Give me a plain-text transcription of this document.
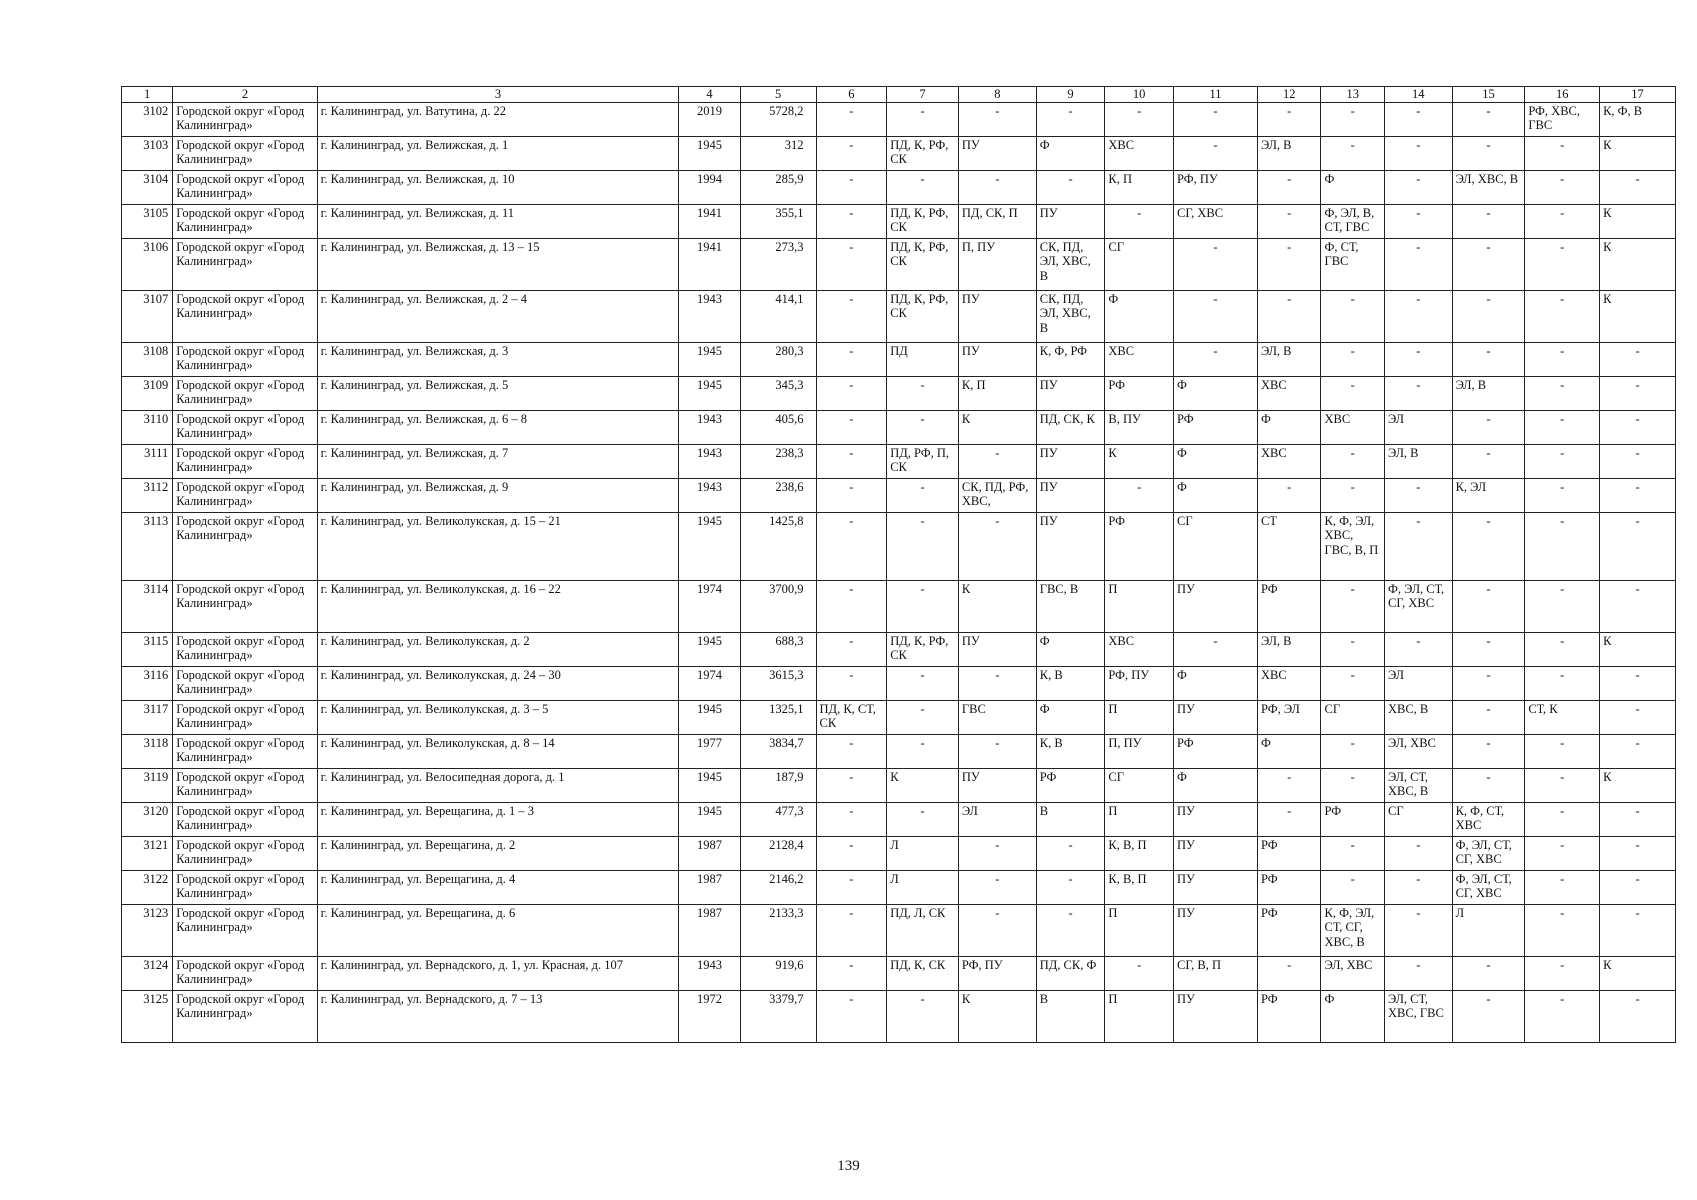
1	2	3	4	5	6	7	8	9	10	11	12	13	14	15	16	17
3102	Городской округ «Город Калининград»	г. Калининград, ул. Ватутина, д. 22	2019	5728,2	-	-	-	-	-	-	-	-	-	-	РФ, ХВС, ГВС	К, Ф, В
3103	Городской округ «Город Калининград»	г. Калининград, ул. Велижская, д. 1	1945	312	-	ПД, К, РФ, СК	ПУ	Ф	ХВС	-	ЭЛ, В	-	-	-	-	К
3104	Городской округ «Город Калининград»	г. Калининград, ул. Велижская, д. 10	1994	285,9	-	-	-	-	К, П	РФ, ПУ	-	Ф	-	ЭЛ, ХВС, В	-	-
3105	Городской округ «Город Калининград»	г. Калининград, ул. Велижская, д. 11	1941	355,1	-	ПД, К, РФ, СК	ПД, СК, П	ПУ	-	СГ, ХВС	-	Ф, ЭЛ, В, СТ, ГВС	-	-	-	К
3106	Городской округ «Город Калининград»	г. Калининград, ул. Велижская, д. 13 – 15	1941	273,3	-	ПД, К, РФ, СК	П, ПУ	СК, ПД, ЭЛ, ХВС, В	СГ	-	-	Ф, СТ, ГВС	-	-	-	К
3107	Городской округ «Город Калининград»	г. Калининград, ул. Велижская, д. 2 – 4	1943	414,1	-	ПД, К, РФ, СК	ПУ	СК, ПД, ЭЛ, ХВС, В	Ф	-	-	-	-	-	-	К
3108	Городской округ «Город Калининград»	г. Калининград, ул. Велижская, д. 3	1945	280,3	-	ПД	ПУ	К, Ф, РФ	ХВС	-	ЭЛ, В	-	-	-	-	-
3109	Городской округ «Город Калининград»	г. Калининград, ул. Велижская, д. 5	1945	345,3	-	-	К, П	ПУ	РФ	Ф	ХВС	-	-	ЭЛ, В	-	-
3110	Городской округ «Город Калининград»	г. Калининград, ул. Велижская, д. 6 – 8	1943	405,6	-	-	К	ПД, СК, К	В, ПУ	РФ	Ф	ХВС	ЭЛ	-	-	-
3111	Городской округ «Город Калининград»	г. Калининград, ул. Велижская, д. 7	1943	238,3	-	ПД, РФ, П, СК	-	ПУ	К	Ф	ХВС	-	ЭЛ, В	-	-	-
3112	Городской округ «Город Калининград»	г. Калининград, ул. Велижская, д. 9	1943	238,6	-	-	СК, ПД, РФ, ХВС,	ПУ	-	Ф	-	-	-	К, ЭЛ	-	-
3113	Городской округ «Город Калининград»	г. Калининград, ул. Великолукская, д. 15 – 21	1945	1425,8	-	-	-	ПУ	РФ	СГ	СТ	К, Ф, ЭЛ, ХВС, ГВС, В, П	-	-	-	-
3114	Городской округ «Город Калининград»	г. Калининград, ул. Великолукская, д. 16 – 22	1974	3700,9	-	-	К	ГВС, В	П	ПУ	РФ	-	Ф, ЭЛ, СТ, СГ, ХВС	-	-	-
3115	Городской округ «Город Калининград»	г. Калининград, ул. Великолукская, д. 2	1945	688,3	-	ПД, К, РФ, СК	ПУ	Ф	ХВС	-	ЭЛ, В	-	-	-	-	К
3116	Городской округ «Город Калининград»	г. Калининград, ул. Великолукская, д. 24 – 30	1974	3615,3	-	-	-	К, В	РФ, ПУ	Ф	ХВС	-	ЭЛ	-	-	-
3117	Городской округ «Город Калининград»	г. Калининград, ул. Великолукская, д. 3 – 5	1945	1325,1	ПД, К, СТ, СК	-	ГВС	Ф	П	ПУ	РФ, ЭЛ	СГ	ХВС, В	-	СТ, К	-
3118	Городской округ «Город Калининград»	г. Калининград, ул. Великолукская, д. 8 – 14	1977	3834,7	-	-	-	К, В	П, ПУ	РФ	Ф	-	ЭЛ, ХВС	-	-	-
3119	Городской округ «Город Калининград»	г. Калининград, ул. Велосипедная дорога, д. 1	1945	187,9	-	К	ПУ	РФ	СГ	Ф	-	-	ЭЛ, СТ, ХВС, В	-	-	К
3120	Городской округ «Город Калининград»	г. Калининград, ул. Верещагина, д. 1 – 3	1945	477,3	-	-	ЭЛ	В	П	ПУ	-	РФ	СГ	К, Ф, СТ, ХВС	-	-
3121	Городской округ «Город Калининград»	г. Калининград, ул. Верещагина, д. 2	1987	2128,4	-	Л	-	-	К, В, П	ПУ	РФ	-	-	Ф, ЭЛ, СТ, СГ, ХВС	-	-
3122	Городской округ «Город Калининград»	г. Калининград, ул. Верещагина, д. 4	1987	2146,2	-	Л	-	-	К, В, П	ПУ	РФ	-	-	Ф, ЭЛ, СТ, СГ, ХВС	-	-
3123	Городской округ «Город Калининград»	г. Калининград, ул. Верещагина, д. 6	1987	2133,3	-	ПД, Л, СК	-	-	П	ПУ	РФ	К, Ф, ЭЛ, СТ, СГ, ХВС, В	-	Л	-	-
3124	Городской округ «Город Калининград»	г. Калининград, ул. Вернадского, д. 1, ул. Красная, д. 107	1943	919,6	-	ПД, К, СК	РФ, ПУ	ПД, СК, Ф	-	СГ, В, П	-	ЭЛ, ХВС	-	-	-	К
3125	Городской округ «Город Калининград»	г. Калининград, ул. Вернадского, д. 7 – 13	1972	3379,7	-	-	К	В	П	ПУ	РФ	Ф	ЭЛ, СТ, ХВС, ГВС	-	-	-
139
